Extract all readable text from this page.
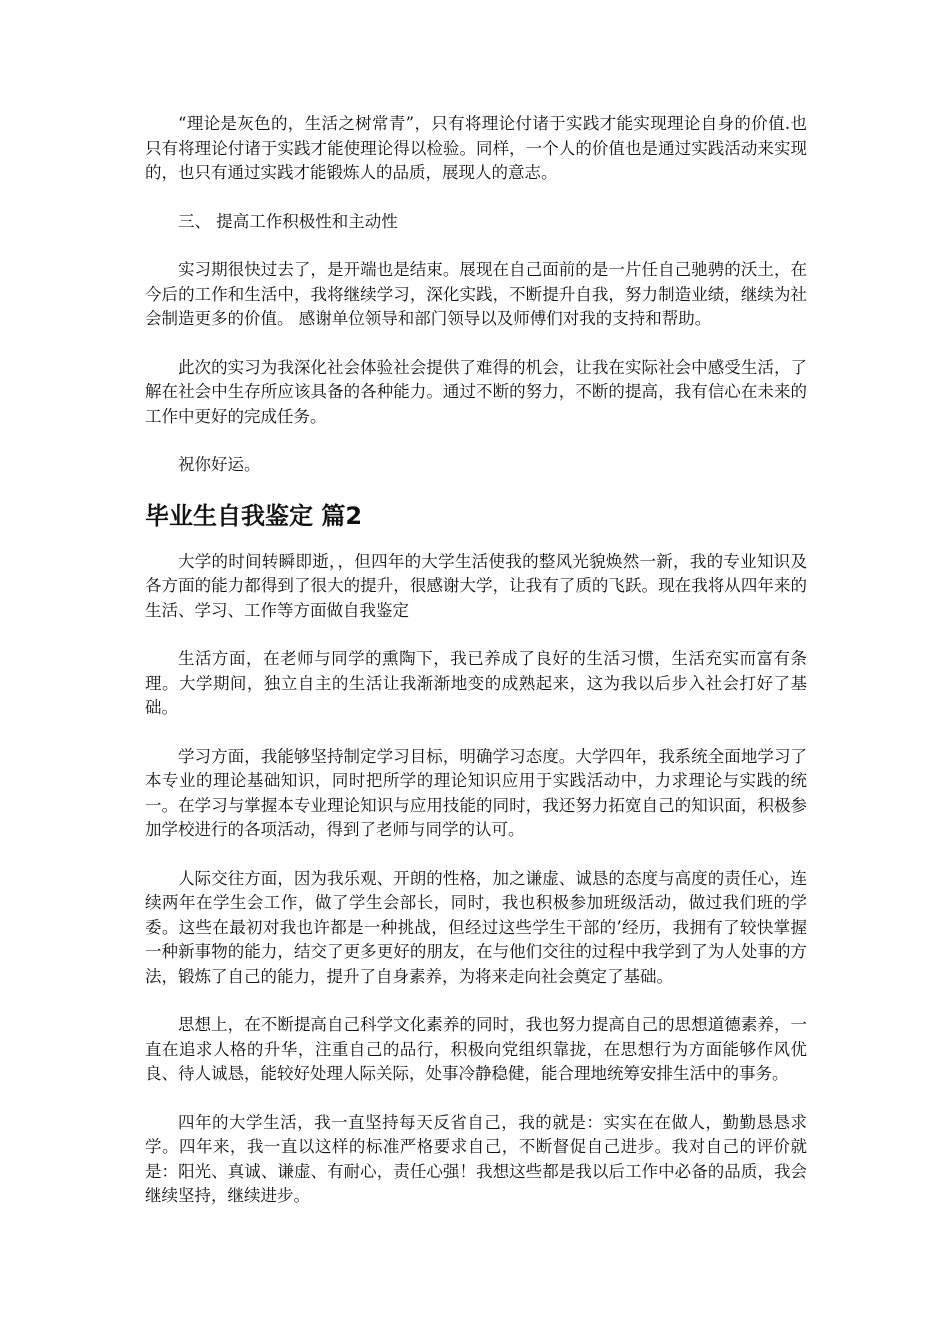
“理论是灰色的，生活之树常青”，只有将理论付诸于实践才能实现理论自身的价值.也只有将理论付诸于实践才能使理论得以检验。同样，一个人的价值也是通过实践活动来实现的，也只有通过实践才能锻炼人的品质，展现人的意志。

三、 提高工作积极性和主动性

实习期很快过去了，是开端也是结束。展现在自己面前的是一片任自己驰骋的沃土，在今后的工作和生活中，我将继续学习，深化实践，不断提升自我，努力制造业绩，继续为社会制造更多的价值。 感谢单位领导和部门领导以及师傅们对我的支持和帮助。

此次的实习为我深化社会体验社会提供了难得的机会，让我在实际社会中感受生活，了解在社会中生存所应该具备的各种能力。通过不断的努力，不断的提高，我有信心在未来的工作中更好的完成任务。

祝你好运。

毕业生自我鉴定 篇2

大学的时间转瞬即逝，，但四年的大学生活使我的整风光貌焕然一新，我的专业知识及各方面的能力都得到了很大的提升，很感谢大学，让我有了质的飞跃。现在我将从四年来的生活、学习、工作等方面做自我鉴定

生活方面，在老师与同学的熏陶下，我已养成了良好的生活习惯，生活充实而富有条理。大学期间，独立自主的生活让我渐渐地变的成熟起来，这为我以后步入社会打好了基础。

学习方面，我能够坚持制定学习目标，明确学习态度。大学四年，我系统全面地学习了本专业的理论基础知识，同时把所学的理论知识应用于实践活动中，力求理论与实践的统一。在学习与掌握本专业理论知识与应用技能的同时，我还努力拓宽自己的知识面，积极参加学校进行的各项活动，得到了老师与同学的认可。

人际交往方面，因为我乐观、开朗的性格，加之谦虚、诚恳的态度与高度的责任心，连续两年在学生会工作，做了学生会部长，同时，我也积极参加班级活动，做过我们班的学委。这些在最初对我也许都是一种挑战，但经过这些学生干部的’经历，我拥有了较快掌握一种新事物的能力，结交了更多更好的朋友，在与他们交往的过程中我学到了为人处事的方法，锻炼了自己的能力，提升了自身素养，为将来走向社会奠定了基础。

思想上，在不断提高自己科学文化素养的同时，我也努力提高自己的思想道德素养，一直在追求人格的升华，注重自己的品行，积极向党组织靠拢，在思想行为方面能够作风优良、待人诚恳，能较好处理人际关际，处事冷静稳健，能合理地统筹安排生活中的事务。

四年的大学生活，我一直坚持每天反省自己，我的就是：实实在在做人，勤勤恳恳求学。四年来，我一直以这样的标准严格要求自己，不断督促自己进步。我对自己的评价就是：阳光、真诚、谦虚、有耐心，责任心强！我想这些都是我以后工作中必备的品质，我会继续坚持，继续进步。
